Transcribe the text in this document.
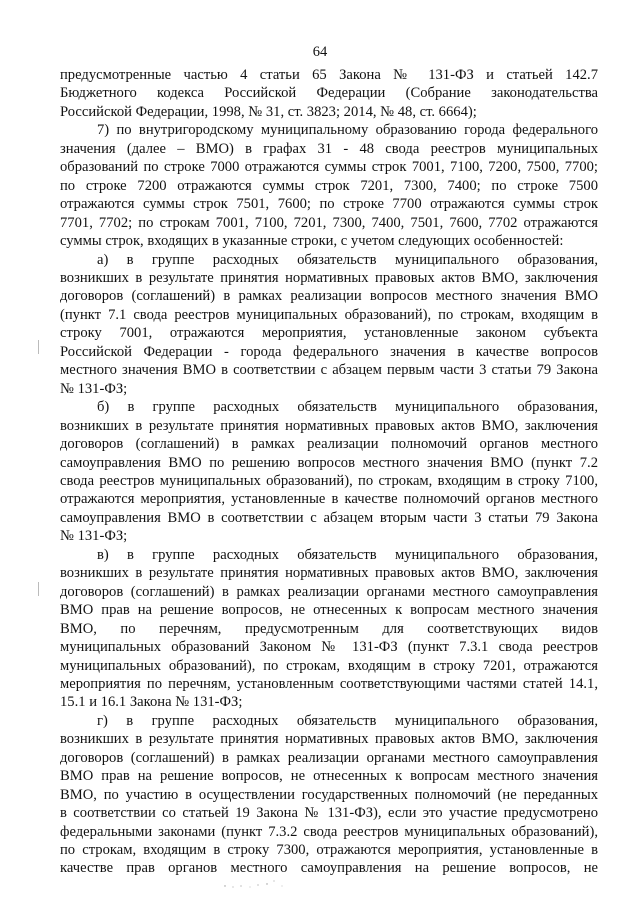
64
предусмотренные частью 4 статьи 65 Закона № 131-ФЗ и статьей 142.7
Бюджетного кодекса Российской Федерации (Собрание законодательства
Российской Федерации, 1998, № 31, ст. 3823; 2014, № 48, ст. 6664);
7) по внутригородскому муниципальному образованию города федерального
значения (далее – ВМО) в графах 31 - 48 свода реестров муниципальных
образований по строке 7000 отражаются суммы строк 7001, 7100, 7200, 7500, 7700;
по строке 7200 отражаются суммы строк 7201, 7300, 7400; по строке 7500
отражаются суммы строк 7501, 7600; по строке 7700 отражаются суммы строк
7701, 7702; по строкам 7001, 7100, 7201, 7300, 7400, 7501, 7600, 7702 отражаются
суммы строк, входящих в указанные строки, с учетом следующих особенностей:
а) в группе расходных обязательств муниципального образования,
возникших в результате принятия нормативных правовых актов ВМО, заключения
договоров (соглашений) в рамках реализации вопросов местного значения ВМО
(пункт 7.1 свода реестров муниципальных образований), по строкам, входящим в
строку 7001, отражаются мероприятия, установленные законом субъекта
Российской Федерации - города федерального значения в качестве вопросов
местного значения ВМО в соответствии с абзацем первым части 3 статьи 79 Закона
№ 131-ФЗ;
б) в группе расходных обязательств муниципального образования,
возникших в результате принятия нормативных правовых актов ВМО, заключения
договоров (соглашений) в рамках реализации полномочий органов местного
самоуправления ВМО по решению вопросов местного значения ВМО (пункт 7.2
свода реестров муниципальных образований), по строкам, входящим в строку 7100,
отражаются мероприятия, установленные в качестве полномочий органов местного
самоуправления ВМО в соответствии с абзацем вторым части 3 статьи 79 Закона
№ 131-ФЗ;
в) в группе расходных обязательств муниципального образования,
возникших в результате принятия нормативных правовых актов ВМО, заключения
договоров (соглашений) в рамках реализации органами местного самоуправления
ВМО прав на решение вопросов, не отнесенных к вопросам местного значения
ВМО, по перечням, предусмотренным для соответствующих видов
муниципальных образований Законом № 131-ФЗ (пункт 7.3.1 свода реестров
муниципальных образований), по строкам, входящим в строку 7201, отражаются
мероприятия по перечням, установленным соответствующими частями статей 14.1,
15.1 и 16.1 Закона № 131-ФЗ;
г) в группе расходных обязательств муниципального образования,
возникших в результате принятия нормативных правовых актов ВМО, заключения
договоров (соглашений) в рамках реализации органами местного самоуправления
ВМО прав на решение вопросов, не отнесенных к вопросам местного значения
ВМО, по участию в осуществлении государственных полномочий (не переданных
в соответствии со статьей 19 Закона № 131-ФЗ), если это участие предусмотрено
федеральными законами (пункт 7.3.2 свода реестров муниципальных образований),
по строкам, входящим в строку 7300, отражаются мероприятия, установленные в
качестве прав органов местного самоуправления на решение вопросов, не
